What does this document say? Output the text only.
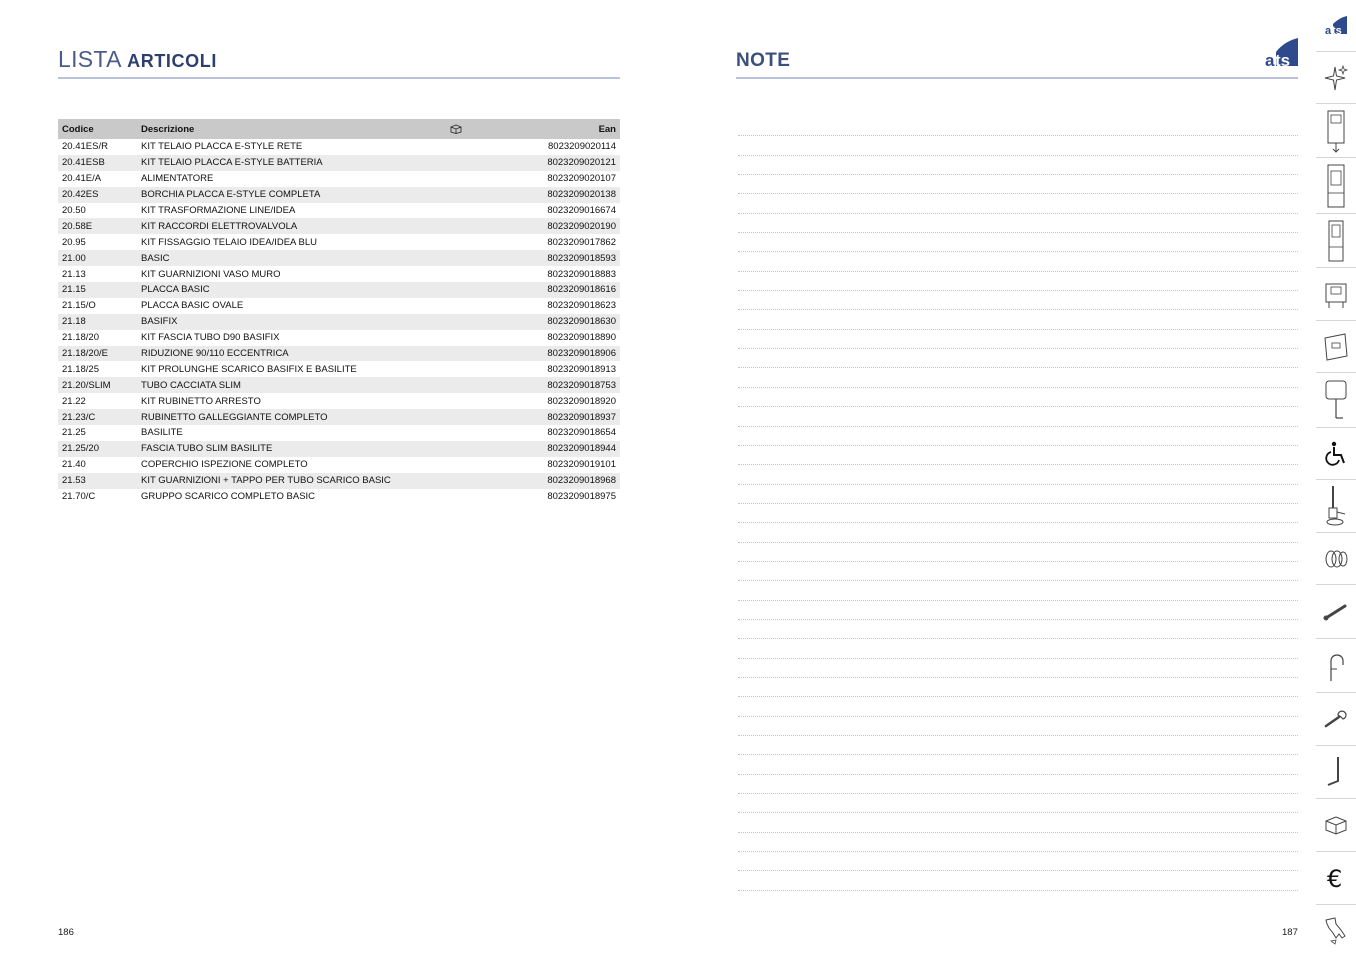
LISTA ARTICOLI
Codice	Descrizione		Ean
20.41ES/R	KIT TELAIO PLACCA E-STYLE RETE		8023209020114
20.41ESB	KIT TELAIO PLACCA E-STYLE BATTERIA		8023209020121
20.41E/A	ALIMENTATORE		8023209020107
20.42ES	BORCHIA PLACCA E-STYLE COMPLETA		8023209020138
20.50	KIT TRASFORMAZIONE LINE/IDEA		8023209016674
20.58E	KIT RACCORDI ELETTROVALVOLA		8023209020190
20.95	KIT FISSAGGIO TELAIO IDEA/IDEA BLU		8023209017862
21.00	BASIC		8023209018593
21.13	KIT GUARNIZIONI VASO MURO		8023209018883
21.15	PLACCA BASIC		8023209018616
21.15/O	PLACCA BASIC OVALE		8023209018623
21.18	BASIFIX		8023209018630
21.18/20	KIT FASCIA TUBO D90 BASIFIX		8023209018890
21.18/20/E	RIDUZIONE 90/110 ECCENTRICA		8023209018906
21.18/25	KIT PROLUNGHE SCARICO BASIFIX E BASILITE		8023209018913
21.20/SLIM	TUBO CACCIATA SLIM		8023209018753
21.22	KIT RUBINETTO ARRESTO		8023209018920
21.23/C	RUBINETTO GALLEGGIANTE COMPLETO		8023209018937
21.25	BASILITE		8023209018654
21.25/20	FASCIA TUBO SLIM BASILITE		8023209018944
21.40	COPERCHIO ISPEZIONE COMPLETO		8023209019101
21.53	KIT GUARNIZIONI + TAPPO PER TUBO SCARICO BASIC		8023209018968
21.70/C	GRUPPO SCARICO COMPLETO BASIC		8023209018975
186
NOTE	a ts
187
a ts
€
